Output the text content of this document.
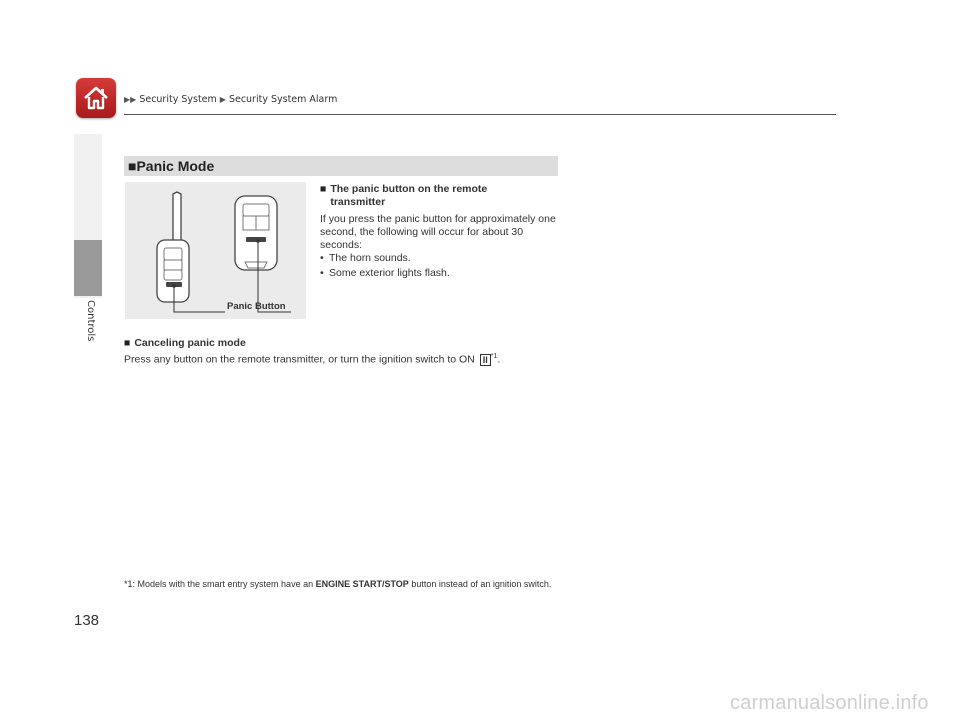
▶▶ Security System ▶ Security System Alarm
Controls
■Panic Mode
Panic Button
■ The panic button on the remote
transmitter
If you press the panic button for approximately one second, the following will occur for about 30 seconds:
• The horn sounds.
• Some exterior lights flash.
■ Canceling panic mode
Press any button on the remote transmitter, or turn the ignition switch to ON II $^{*1}$.
*1: Models with the smart entry system have an ENGINE START/STOP button instead of an ignition switch.
138
carmanualsonline.info
